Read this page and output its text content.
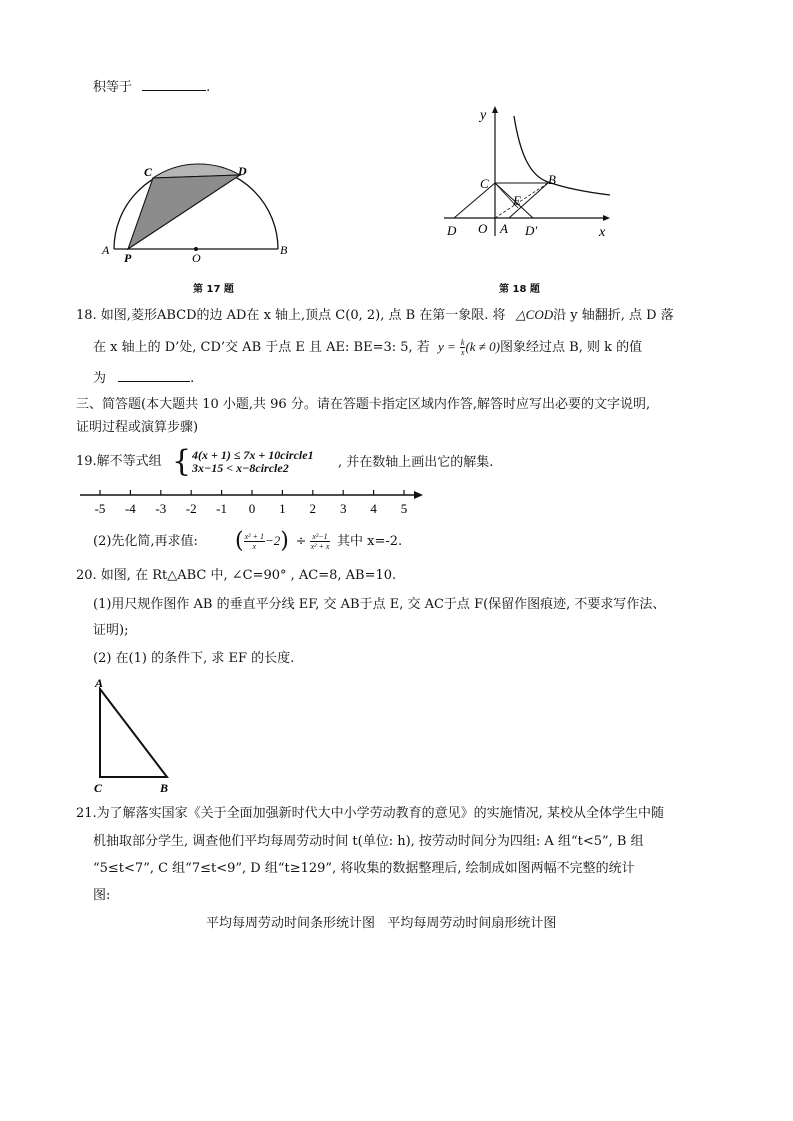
积等于	.
A
P	O
B
C	D
第 17 题
y
x
C	B
E
D O A D′
第 18 题
18. 如图,菱形ABCD的边 AD在 x 轴上,顶点 C(0, 2), 点 B 在第一象限. 将 △COD沿 y 轴翻折, 点 D 落
在 x 轴上的 D’处, CD’交 AB 于点 E 且 AE: BE=3: 5, 若 $y = \frac{k}{x} (k \ne 0)$图象经过点 B, 则 k 的值
为	.
三、简答题(本大题共 10 小题,共 96 分。请在答题卡指定区域内作答,解答时应写出必要的文字说明,
证明过程或演算步骤)
19.解不等式组 { 4(x + 1) ≤ 7x + 10circle1
3x−15 < x−8circle2	, 并在数轴上画出它的解集.
-5 -4 -3 -2 -1 0 1 2 3 4 5
(2)先化简,再求值: ( $\frac{\text{x² + 1}}{x} -2) \div \frac{\text{x²−1}}{\text{x² + x}}$ 其中 x=-2.
20. 如图, 在 Rt△ABC 中, ∠C=90° , AC=8, AB=10.
(1)用尺规作图作 AB 的垂直平分线 EF, 交 AB于点 E, 交 AC于点 F(保留作图痕迹, 不要求写作法、
证明);
(2) 在(1) 的条件下, 求 EF 的长度.
A
C	B
21.为了解落实国家《关于全面加强新时代大中小学劳动教育的意见》的实施情况, 某校从全体学生中随
机抽取部分学生, 调查他们平均每周劳动时间 t(单位: h), 按劳动时间分为四组: A 组“t<5”, B 组
“5≤t<7”, C 组“7≤t<9”, D 组“t≥129”, 将收集的数据整理后, 绘制成如图两幅不完整的统计
图:
平均每周劳动时间条形统计图   平均每周劳动时间扇形统计图
